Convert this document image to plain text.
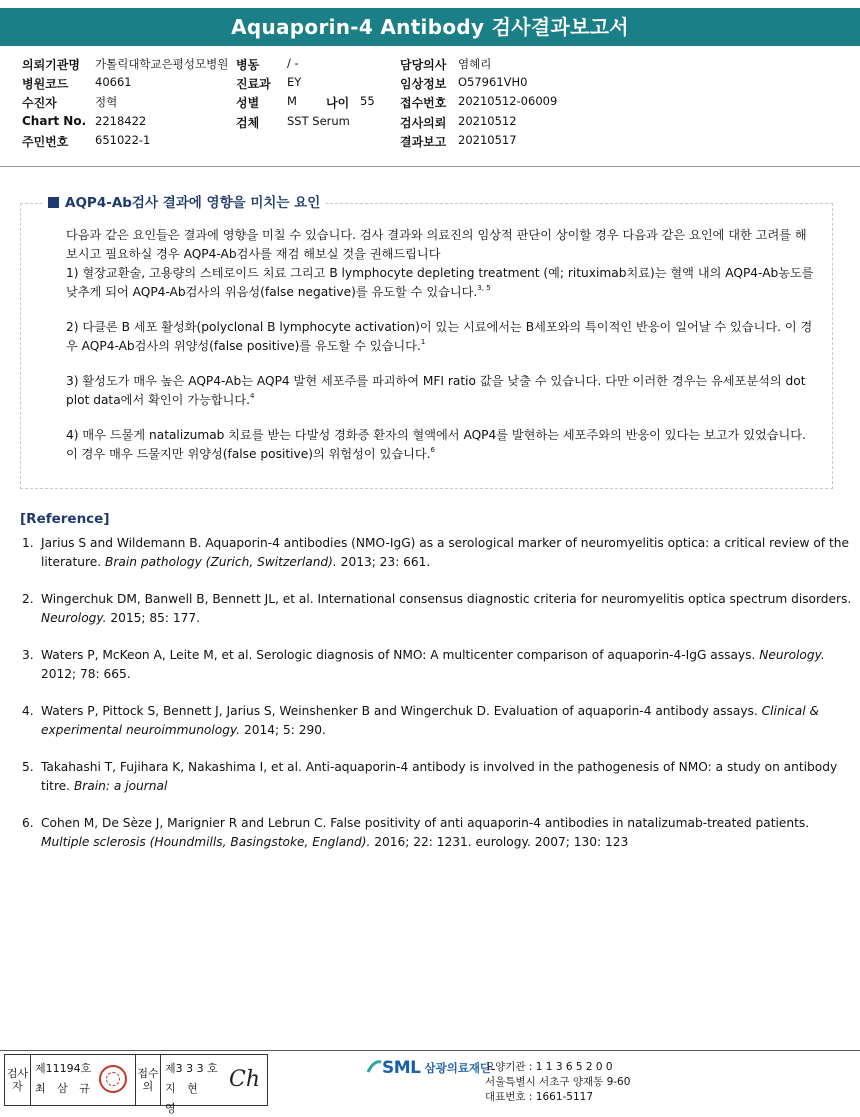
Aquaporin-4 Antibody 검사결과보고서
의뢰기관명 가톨릭대학교은평성모병원 병동 / -	담당의사 염혜리
병원코드 40661	진료과 EY	임상정보 O57961VH0
수진자	정혁	성별 M 나이 55 접수번호 20210512-06009
Chart No. 2218422	검체 SST Serum	검사의뢰 20210512
주민번호 651022-1	결과보고 20210517
AQP4-Ab검사 결과에 영향을 미치는 요인

다음과 같은 요인들은 결과에 영향을 미칠 수 있습니다. 검사 결과와 의료진의 임상적 판단이 상이할 경우 다음과 같은 요인에 대한 고려를 해 보시고 필요하실 경우 AQP4-Ab검사를 재검 해보실 것을 권해드립니다

1) 혈장교환술, 고용량의 스테로이드 치료 그리고 B lymphocyte depleting treatment (예; rituximab치료)는 혈액 내의 AQP4-Ab농도를 낮추게 되어 AQP4-Ab검사의 위음성(false negative)를 유도할 수 있습니다.$^{3, 5}$

2) 다클론 B 세포 활성화(polyclonal B lymphocyte activation)이 있는 시료에서는 B세포와의 특이적인 반응이 일어날 수 있습니다. 이 경우 AQP4-Ab검사의 위양성(false positive)를 유도할 수 있습니다.$^1$

3) 활성도가 매우 높은 AQP4-Ab는 AQP4 발현 세포주를 파괴하여 MFI ratio 값을 낮출 수 있습니다. 다만 이러한 경우는 유세포분석의 dot plot data에서 확인이 가능합니다.$^4$

4) 매우 드물게 natalizumab 치료를 받는 다발성 경화증 환자의 혈액에서 AQP4를 발현하는 세포주와의 반응이 있다는 보고가 있었습니다. 이 경우 매우 드물지만 위양성(false positive)의 위험성이 있습니다.$^6$

[Reference]
1. Jarius S and Wildemann B. Aquaporin-4 antibodies (NMO-IgG) as a serological marker of neuromyelitis optica: a critical review of the literature. Brain pathology (Zurich, Switzerland). 2013; 23: 661.
2. Wingerchuk DM, Banwell B, Bennett JL, et al. International consensus diagnostic criteria for neuromyelitis optica spectrum disorders. Neurology. 2015; 85: 177.
3. Waters P, McKeon A, Leite M, et al. Serologic diagnosis of NMO: A multicenter comparison of aquaporin-4-IgG assays. Neurology. 2012; 78: 665.
4. Waters P, Pittock S, Bennett J, Jarius S, Weinshenker B and Wingerchuk D. Evaluation of aquaporin-4 antibody assays. Clinical & experimental neuroimmunology. 2014; 5: 290.
5. Takahashi T, Fujihara K, Nakashima I, et al. Anti-aquaporin-4 antibody is involved in the pathogenesis of NMO: a study on antibody titre. Brain: a journal
6. Cohen M, De Sèze J, Marignier R and Lebrun C. False positivity of anti aquaporin-4 antibodies in natalizumab-treated patients. Multiple sclerosis (Houndmills, Basingstoke, England). 2016; 22: 1231. eurology. 2007; 130: 123
검사자
제11194호
최 삼 규
접수의
제3 3 3 호
지 현 영
Ch	SML 삼광의료재단
요양기관 : 1 1 3 6 5 2 0 0
서울특별시 서초구 양재동 9-60
대표번호 : 1661-5117
